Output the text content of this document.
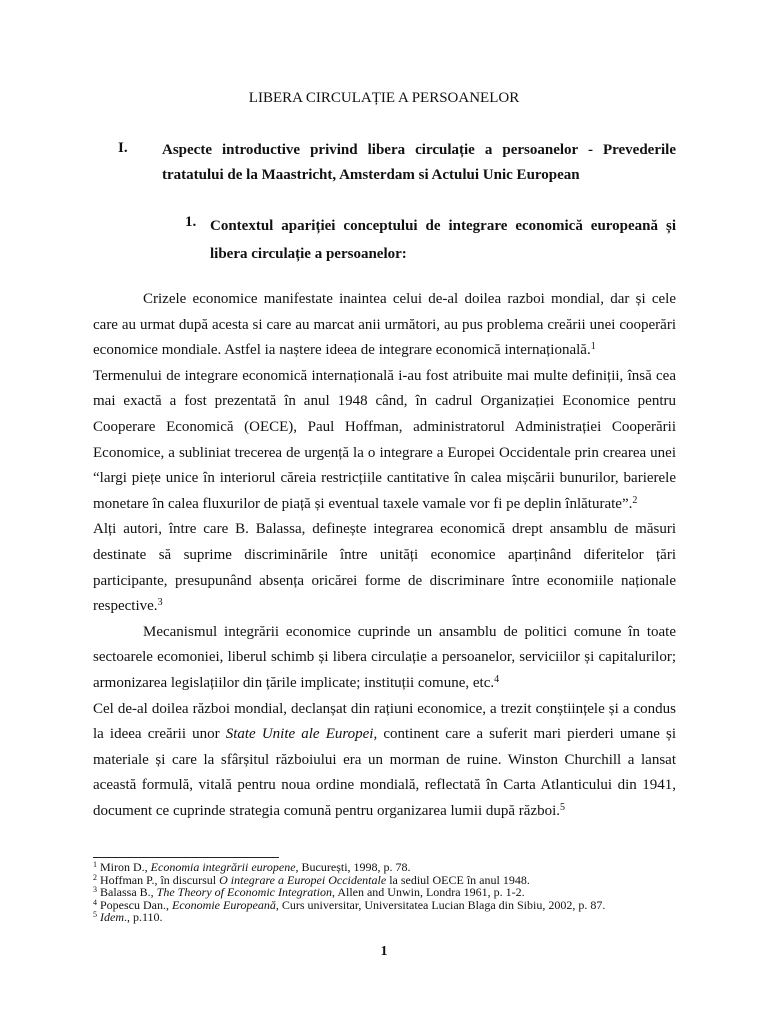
LIBERA CIRCULAȚIE A PERSOANELOR
I. Aspecte introductive privind libera circulație a persoanelor - Prevederile tratatului de la Maastricht, Amsterdam si Actului Unic European
1. Contextul apariției conceptului de integrare economică europeană și libera circulație a persoanelor:

Crizele economice manifestate inaintea celui de-al doilea razboi mondial, dar și cele care au urmat după acesta si care au marcat anii următori, au pus problema creării unei cooperări economice mondiale. Astfel ia naștere ideea de integrare economică internațională.$^1$

Termenului de integrare economică internațională i-au fost atribuite mai multe definiții, însă cea mai exactă a fost prezentată în anul 1948 când, în cadrul Organizației Economice pentru Cooperare Economică (OECE), Paul Hoffman, administratorul Administrației Cooperării Economice, a subliniat trecerea de urgență la o integrare a Europei Occidentale prin crearea unei “largi piețe unice în interiorul căreia restricțiile cantitative în calea mișcării bunurilor, barierele monetare în calea fluxurilor de piață și eventual taxele vamale vor fi pe deplin înlăturate”.$^2$

Alți autori, între care B. Balassa, definește integrarea economică drept ansamblu de măsuri destinate să suprime discriminările între unități economice aparținând diferitelor țări participante, presupunând absența oricărei forme de discriminare între economiile naționale respective.$^3$

Mecanismul integrării economice cuprinde un ansamblu de politici comune în toate sectoarele ecomoniei, liberul schimb și libera circulație a persoanelor, serviciilor și capitalurilor; armonizarea legislațiilor din țările implicate; instituții comune, etc.$^4$

Cel de-al doilea război mondial, declanșat din rațiuni economice, a trezit conștiințele și a condus la ideea creării unor State Unite ale Europei, continent care a suferit mari pierderi umane și materiale și care la sfârșitul războiului era un morman de ruine. Winston Churchill a lansat această formulă, vitală pentru noua ordine mondială, reflectată în Carta Atlanticului din 1941, document ce cuprinde strategia comună pentru organizarea lumii după război.$^5$

$^1$ Miron D., Economia integrării europene, București, 1998, p. 78.
$^2$ Hoffman P., în discursul O integrare a Europei Occidentale la sediul OECE în anul 1948.
$^3$ Balassa B., The Theory of Economic Integration, Allen and Unwin, Londra 1961, p. 1-2.
$^4$ Popescu Dan., Economie Europeană, Curs universitar, Universitatea Lucian Blaga din Sibiu, 2002, p. 87.
$^5$ Idem., p.110.
1
